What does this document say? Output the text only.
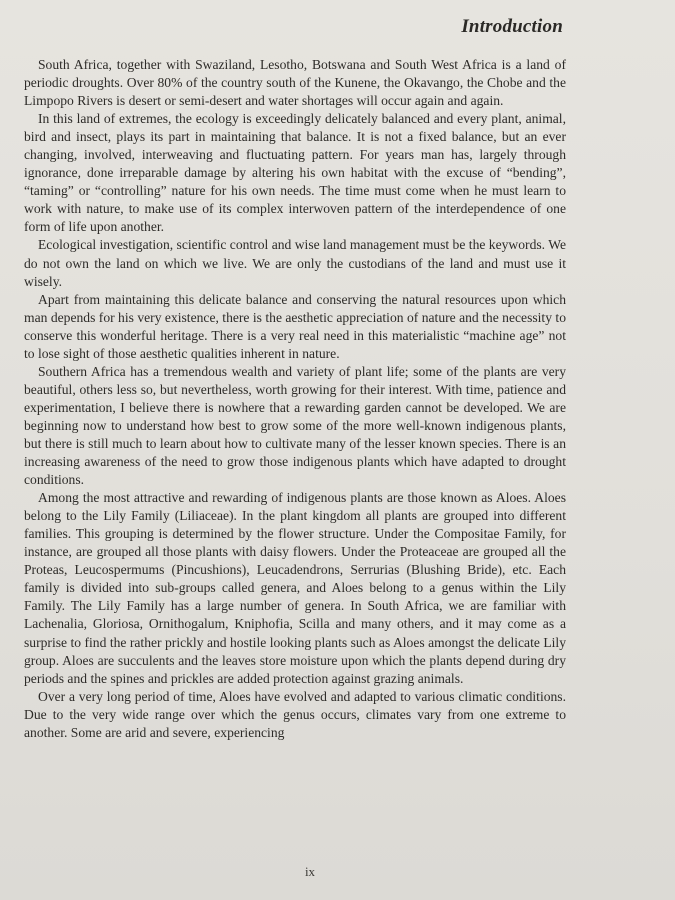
Introduction

South Africa, together with Swaziland, Lesotho, Botswana and South West Africa is a land of periodic droughts. Over 80% of the country south of the Kunene, the Okavango, the Chobe and the Limpopo Rivers is desert or semi-desert and water shortages will occur again and again.

In this land of extremes, the ecology is exceedingly delicately balanced and every plant, animal, bird and insect, plays its part in maintaining that balance. It is not a fixed balance, but an ever changing, involved, interweaving and fluctuating pattern. For years man has, largely through ignorance, done irreparable damage by altering his own habitat with the excuse of “bending”, “taming” or “controlling” nature for his own needs. The time must come when he must learn to work with nature, to make use of its complex interwoven pattern of the interdependence of one form of life upon another.

Ecological investigation, scientific control and wise land management must be the keywords. We do not own the land on which we live. We are only the custodians of the land and must use it wisely.

Apart from maintaining this delicate balance and conserving the natural resources upon which man depends for his very existence, there is the aesthetic appreciation of nature and the necessity to conserve this wonderful heritage. There is a very real need in this materialistic “machine age” not to lose sight of those aesthetic qualities inherent in nature.

Southern Africa has a tremendous wealth and variety of plant life; some of the plants are very beautiful, others less so, but nevertheless, worth growing for their interest. With time, patience and experimentation, I believe there is nowhere that a rewarding garden cannot be developed. We are beginning now to understand how best to grow some of the more well-known indigenous plants, but there is still much to learn about how to cultivate many of the lesser known species. There is an increasing awareness of the need to grow those indigenous plants which have adapted to drought conditions.

Among the most attractive and rewarding of indigenous plants are those known as Aloes. Aloes belong to the Lily Family (Liliaceae). In the plant kingdom all plants are grouped into different families. This grouping is determined by the flower structure. Under the Compositae Family, for instance, are grouped all those plants with daisy flowers. Under the Proteaceae are grouped all the Proteas, Leucospermums (Pincushions), Leucadendrons, Serrurias (Blushing Bride), etc. Each family is divided into sub-groups called genera, and Aloes belong to a genus within the Lily Family. The Lily Family has a large number of genera. In South Africa, we are familiar with Lachenalia, Gloriosa, Ornithogalum, Kniphofia, Scilla and many others, and it may come as a surprise to find the rather prickly and hostile looking plants such as Aloes amongst the delicate Lily group. Aloes are succulents and the leaves store moisture upon which the plants depend during dry periods and the spines and prickles are added protection against grazing animals.

Over a very long period of time, Aloes have evolved and adapted to various climatic conditions. Due to the very wide range over which the genus occurs, climates vary from one extreme to another. Some are arid and severe, experiencing

ix
